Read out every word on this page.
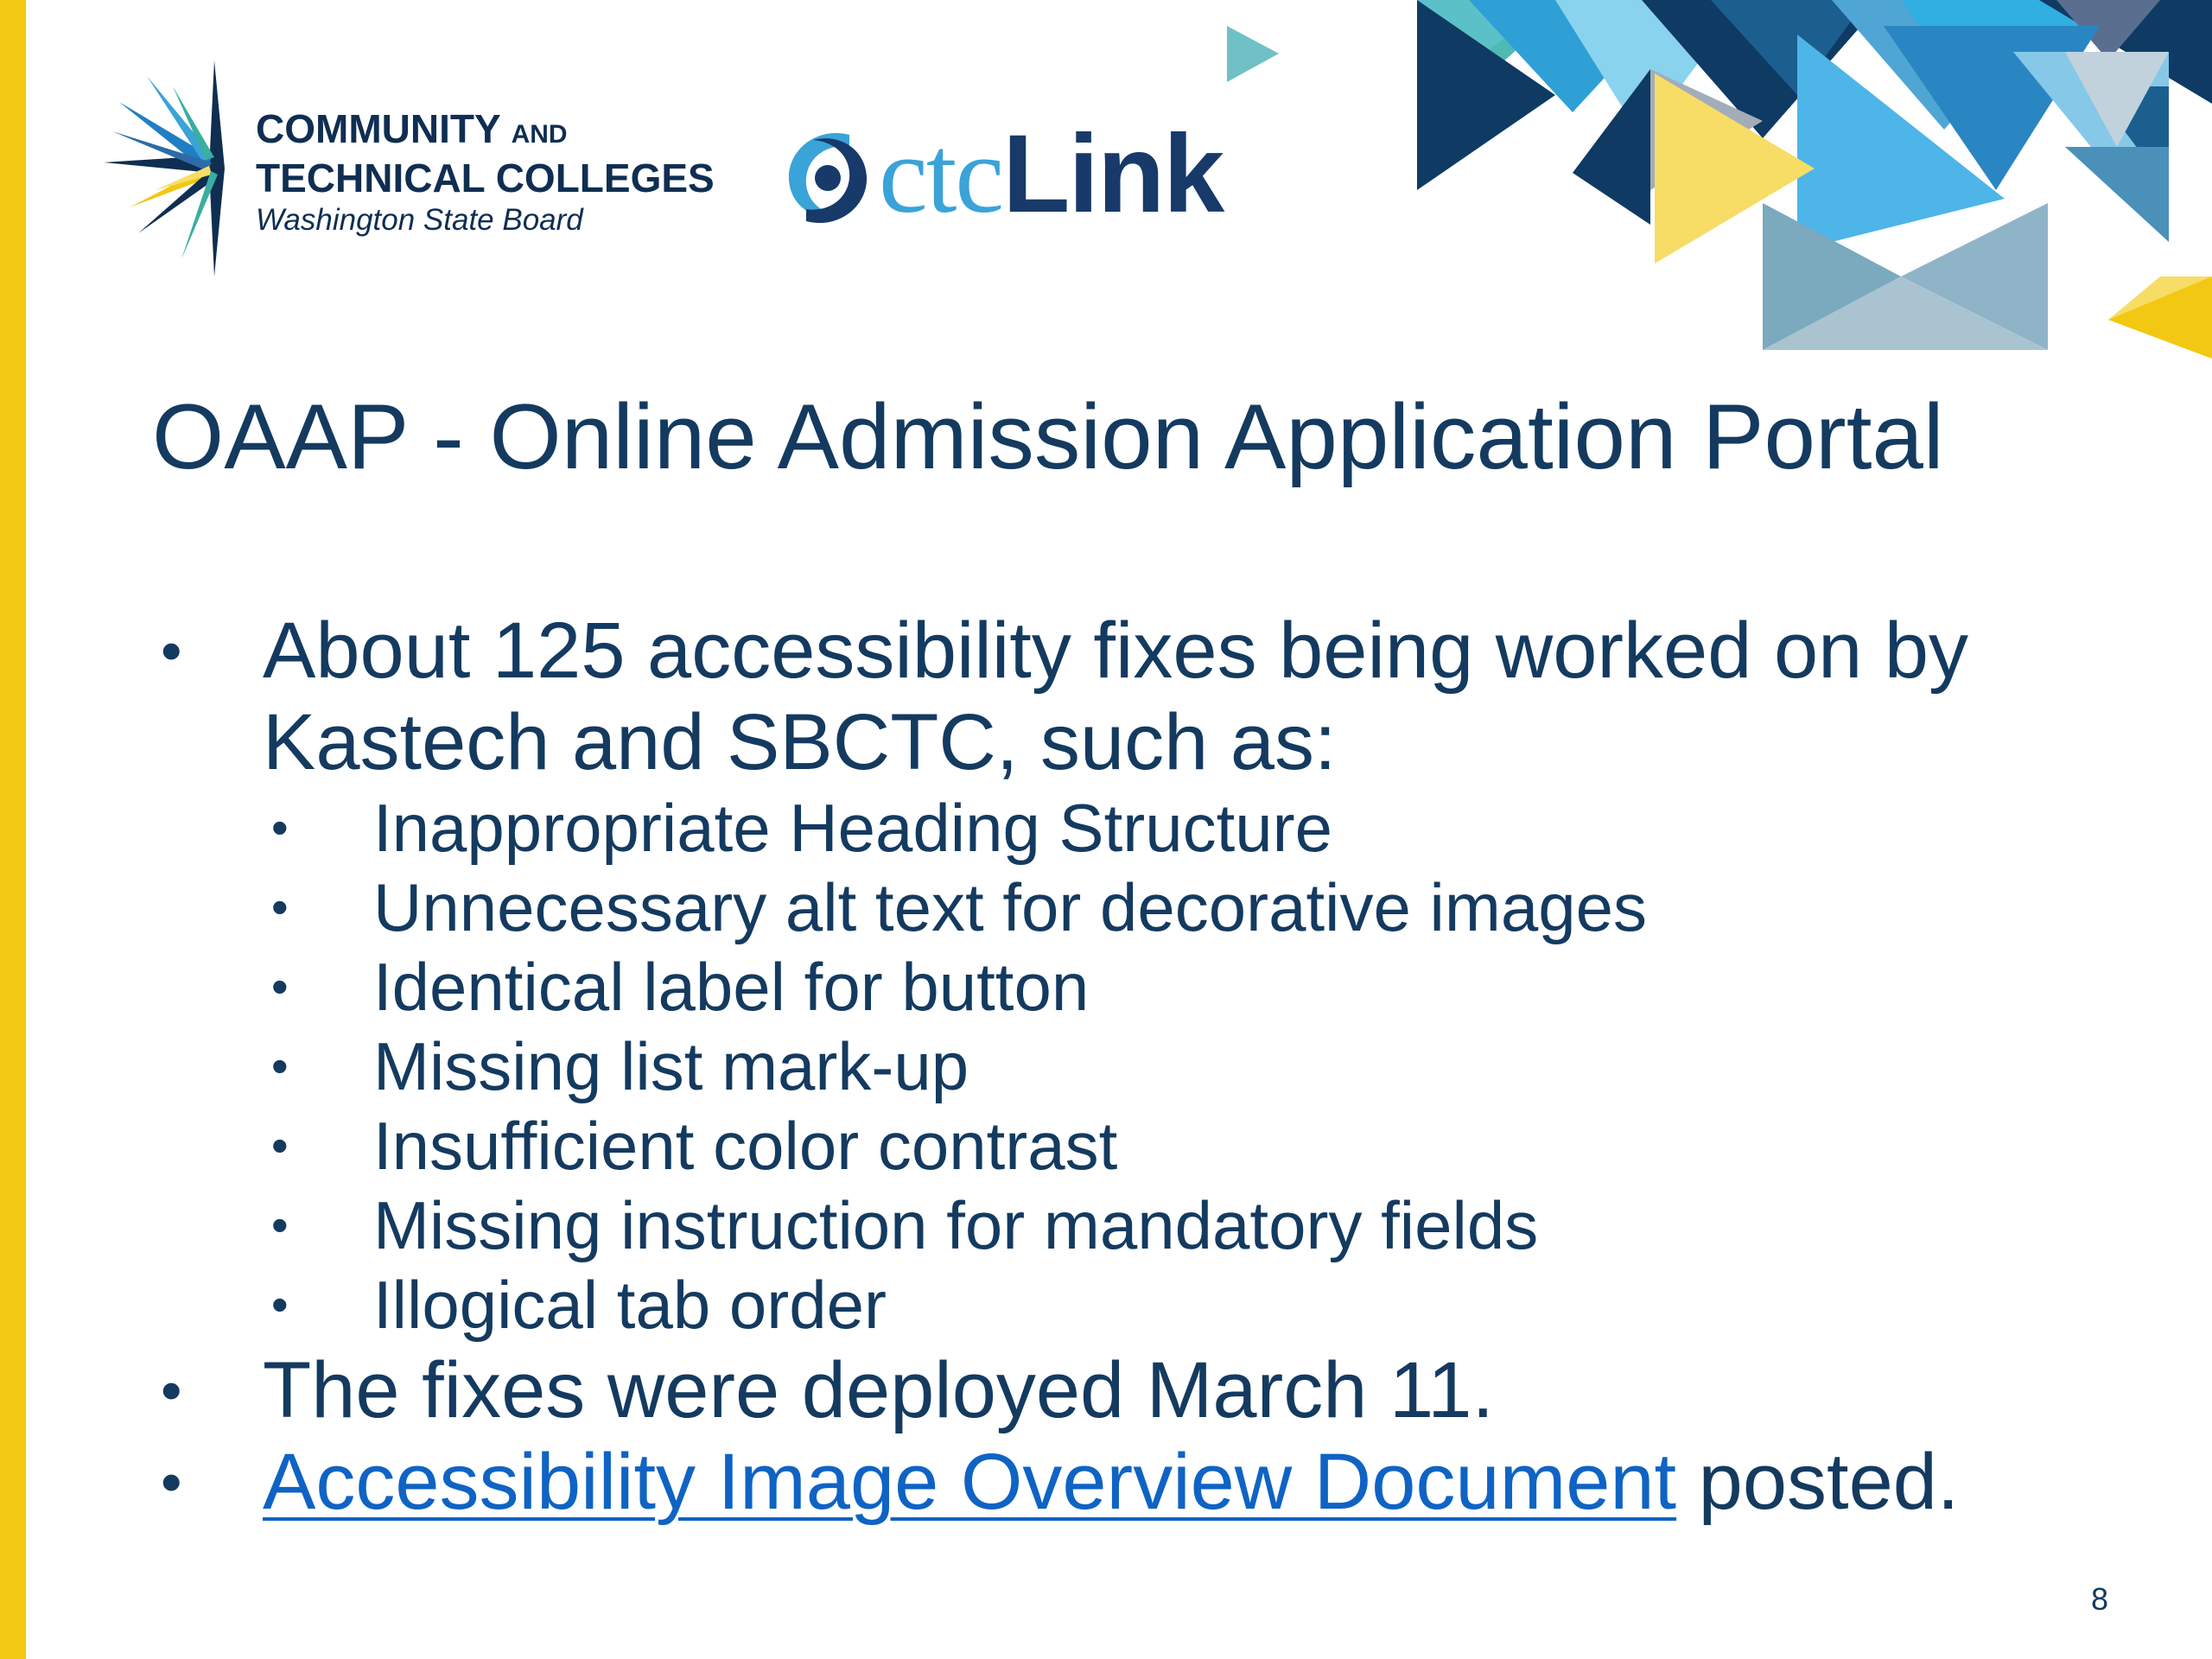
COMMUNITY AND
TECHNICAL COLLEGES
Washington State Board	ctcLink
OAAP - Online Admission Application Portal
• About 125 accessibility fixes being worked on by Kastech and SBCTC, such as:
• Inappropriate Heading Structure
• Unnecessary alt text for decorative images
• Identical label for button
• Missing list mark-up
• Insufficient color contrast
• Missing instruction for mandatory fields
• Illogical tab order
• The fixes were deployed March 11.
• Accessibility Image Overview Document posted.
8
